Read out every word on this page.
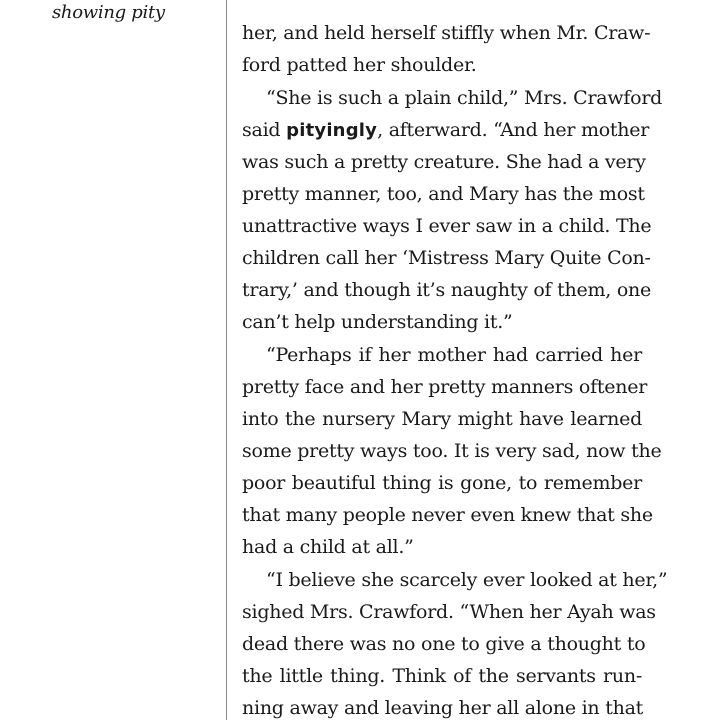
showing pity
her, and held herself stiffly when Mr. Craw-
ford patted her shoulder.
“She is such a plain child,” Mrs. Crawford
said pityingly, afterward. “And her mother
was such a pretty creature. She had a very
pretty manner, too, and Mary has the most
unattractive ways I ever saw in a child. The
children call her ‘Mistress Mary Quite Con-
trary,’ and though it’s naughty of them, one
can’t help understanding it.”
“Perhaps if her mother had carried her
pretty face and her pretty manners oftener
into the nursery Mary might have learned
some pretty ways too. It is very sad, now the
poor beautiful thing is gone, to remember
that many people never even knew that she
had a child at all.”
“I believe she scarcely ever looked at her,”
sighed Mrs. Crawford. “When her Ayah was
dead there was no one to give a thought to
the little thing. Think of the servants run-
ning away and leaving her all alone in that
